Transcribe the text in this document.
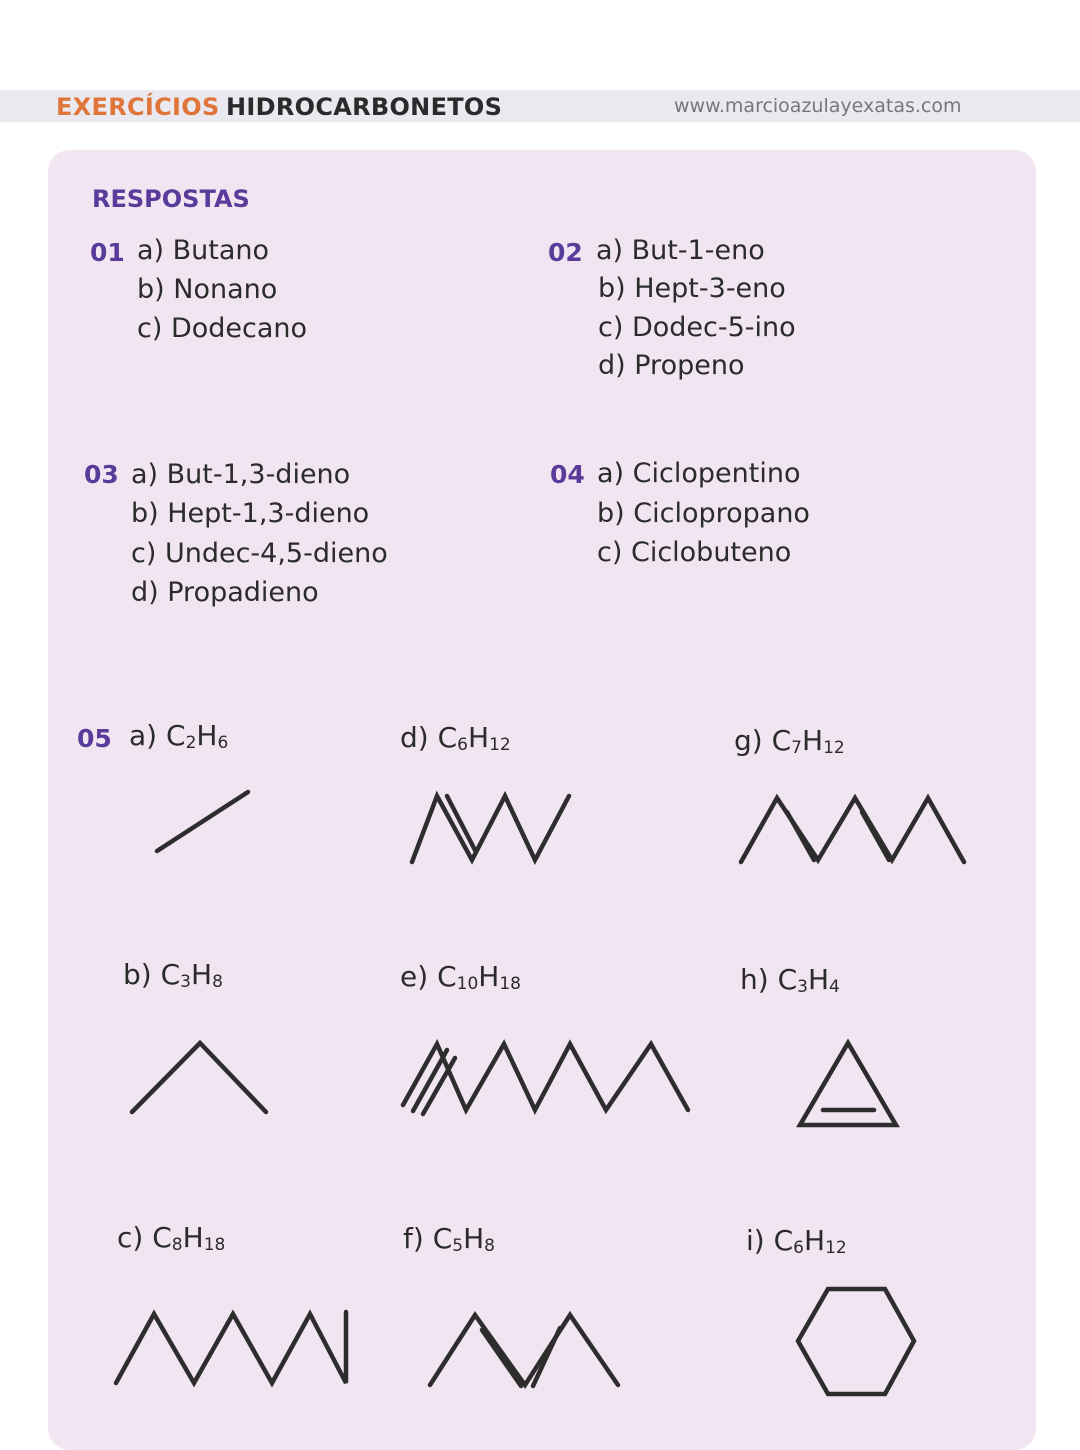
EXERCÍCIOS HIDROCARBONETOS	www.marcioazulayexatas.com
RESPOSTAS
01 a) Butano
b) Nonano
c) Dodecano
02 a) But-1-eno
b) Hept-3-eno
c) Dodec-5-ino
d) Propeno
03 a) But-1,3-dieno
b) Hept-1,3-dieno
c) Undec-4,5-dieno
d) Propadieno
04 a) Ciclopentino
b) Ciclopropano
c) Ciclobuteno
05 a) $C_2H_6$	d) $C_6H_{12}$	g) $C_7H_{12}$
b) $C_3H_8$	e) $C_{10}H_{18}$	h) $C_3H_4$
c) $C_8H_{18}$	f) $C_5H_8$	i) $C_6H_{12}$
